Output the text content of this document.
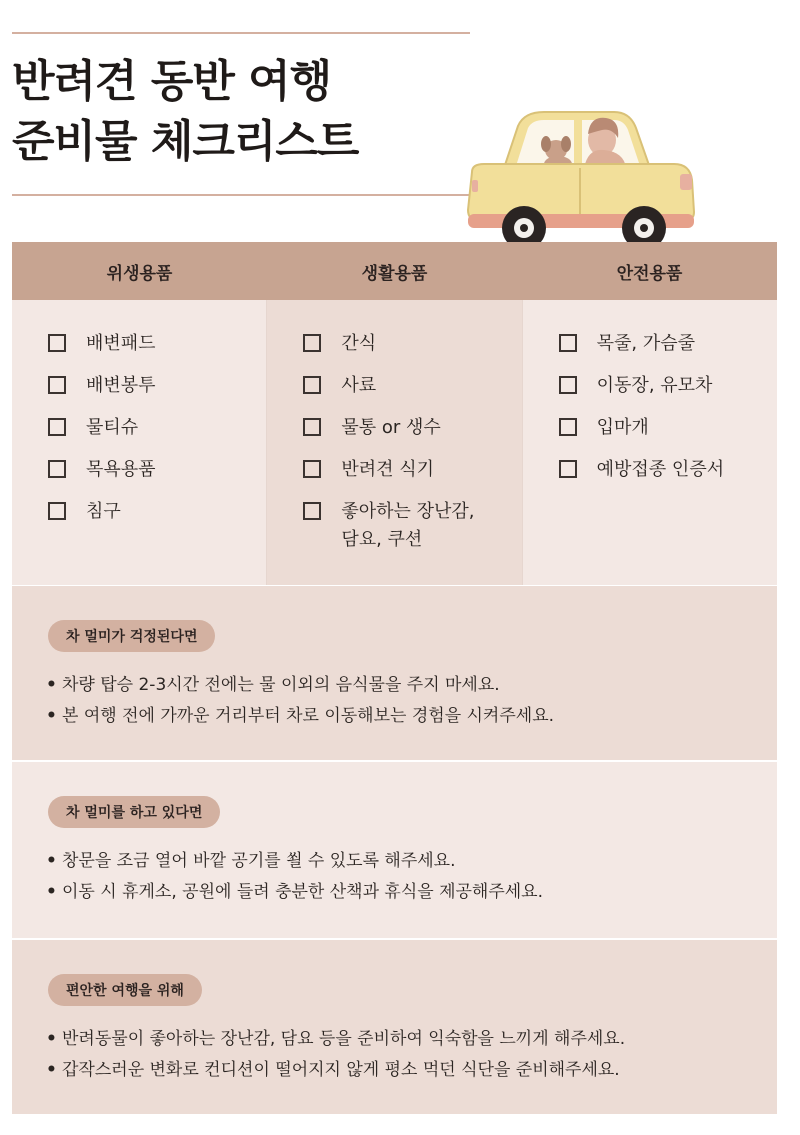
반려견 동반 여행
준비물 체크리스트
위생용품	생활용품	안전용품
배변패드
배변봉투
물티슈
목욕용품
침구
간식
사료
물통 or 생수
반려견 식기
좋아하는 장난감,
담요, 쿠션
목줄, 가슴줄
이동장, 유모차
입마개
예방접종 인증서
차 멀미가 걱정된다면
• 차량 탑승 2-3시간 전에는 물 이외의 음식물을 주지 마세요.
• 본 여행 전에 가까운 거리부터 차로 이동해보는 경험을 시켜주세요.
차 멀미를 하고 있다면
• 창문을 조금 열어 바깥 공기를 쐴 수 있도록 해주세요.
• 이동 시 휴게소, 공원에 들려 충분한 산책과 휴식을 제공해주세요.
편안한 여행을 위해
• 반려동물이 좋아하는 장난감, 담요 등을 준비하여 익숙함을 느끼게 해주세요.
• 갑작스러운 변화로 컨디션이 떨어지지 않게 평소 먹던 식단을 준비해주세요.
